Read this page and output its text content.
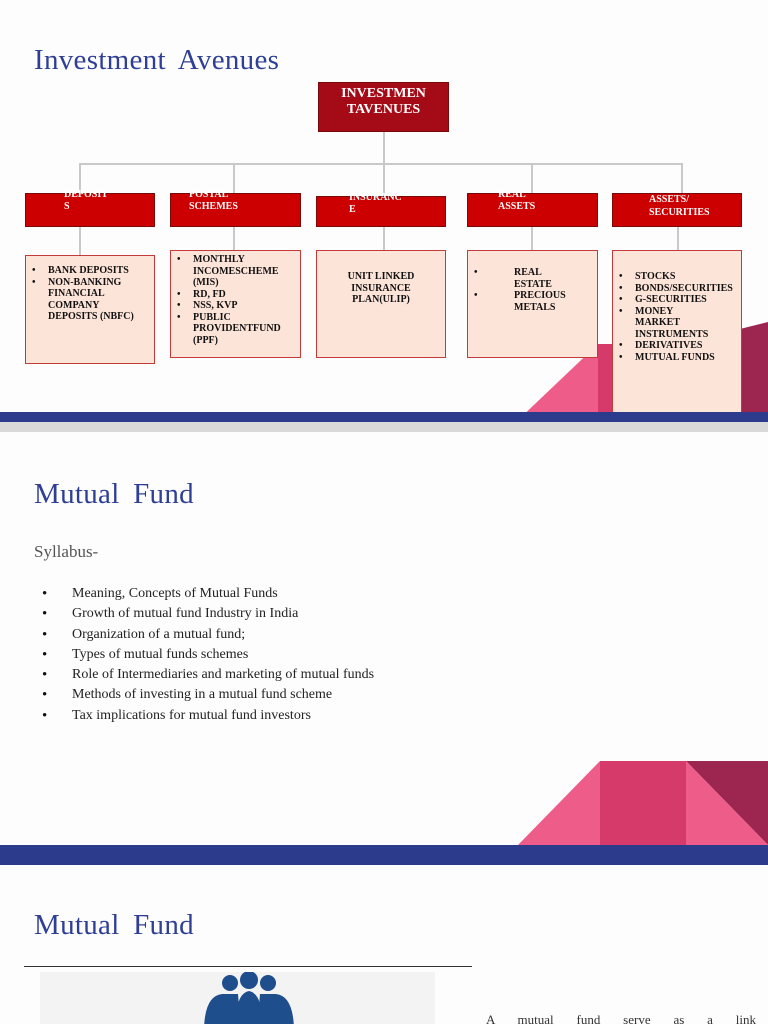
Investment Avenues
INVESTMEN
TAVENUES
DEPOSIT
S
POSTAL
SCHEMES
INSURANC
E
REAL
ASSETS
ASSETS/
SECURITIES
• BANK DEPOSITS
• NON-BANKING FINANCIAL COMPANY DEPOSITS (NBFC)
• MONTHLY INCOMESCHEME (MIS)
• RD, FD
• NSS, KVP
• PUBLIC PROVIDENTFUND (PPF)
UNIT LINKED INSURANCE PLAN(ULIP)
• REAL ESTATE
• PRECIOUS METALS
• STOCKS
• BONDS/SECURITIES
• G-SECURITIES
• MONEY MARKET INSTRUMENTS
• DERIVATIVES
• MUTUAL FUNDS
Mutual Fund
Syllabus-
• Meaning, Concepts of Mutual Funds
• Growth of mutual fund Industry in India
• Organization of a mutual fund;
• Types of mutual funds schemes
• Role of Intermediaries and marketing of mutual funds
• Methods of investing in a mutual fund scheme
• Tax implications for mutual fund investors
Mutual Fund
A mutual fund serve as a link
